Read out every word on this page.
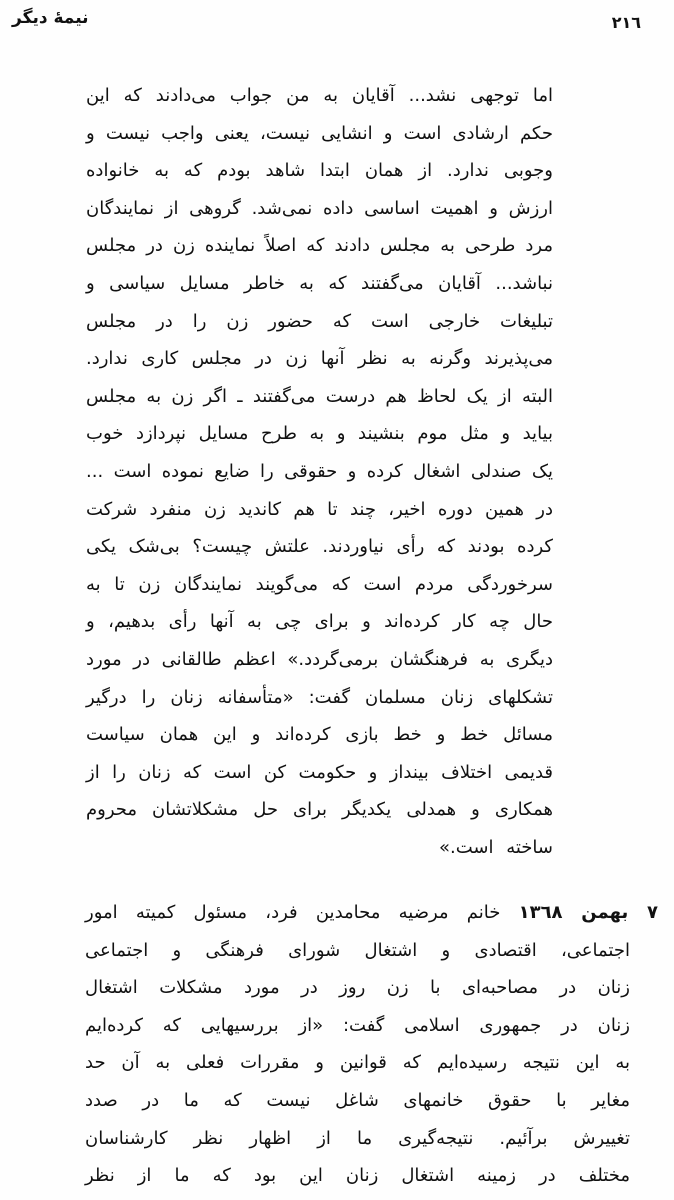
نیمهٔ دیگر	٢١٦
اما توجهی نشد... آقایان به من جواب می‌دادند که این
حکم ارشادی است و انشایی نیست، یعنی واجب نیست و
وجوبی ندارد. از همان ابتدا شاهد بودم که به خانواده
ارزش و اهمیت اساسی داده نمی‌شد. گروهی از نمایندگان
مرد طرحی به مجلس دادند که اصلاً نماینده زن در مجلس
نباشد... آقایان می‌گفتند که به خاطر مسایل سیاسی و
تبلیغات خارجی است که حضور زن را در مجلس
می‌پذیرند وگرنه به نظر آنها زن در مجلس کاری ندارد.
البته از یک لحاظ هم درست می‌گفتند ـ اگر زن به مجلس
بیاید و مثل موم بنشیند و به طرح مسایل نپردازد خوب
یک صندلی اشغال کرده و حقوقی را ضایع نموده است ...
در همین دوره اخیر، چند تا هم کاندید زن منفرد شرکت
کرده بودند که رأی نیاوردند. علتش چیست؟ بی‌شک یکی
سرخوردگی مردم است که می‌گویند نمایندگان زن تا به
حال چه کار کرده‌اند و برای چی به آنها رأی بدهیم، و
دیگری به فرهنگشان برمی‌گردد.» اعظم طالقانی در مورد
تشکلهای زنان مسلمان گفت: «متأسفانه زنان را درگیر
مسائل خط و خط بازی کرده‌اند و این همان سیاست
قدیمی اختلاف بینداز و حکومت کن است که زنان را از
همکاری و همدلی یکدیگر برای حل مشکلاتشان محروم
ساخته است.»
٧ بهمن ١٣٦٨ خانم مرضیه محامدین فرد، مسئول کمیته امور
اجتماعی، اقتصادی و اشتغال شورای فرهنگی و اجتماعی
زنان در مصاحبه‌ای با زن روز در مورد مشکلات اشتغال
زنان در جمهوری اسلامی گفت: «از بررسیهایی که کرده‌ایم
به این نتیجه رسیده‌ایم که قوانین و مقررات فعلی به آن حد
مغایر با حقوق خانمهای شاغل نیست که ما در صدد
تغییرش برآئیم. نتیجه‌گیری ما از اظهار نظر کارشناسان
مختلف در زمینه اشتغال زنان این بود که ما از نظر
